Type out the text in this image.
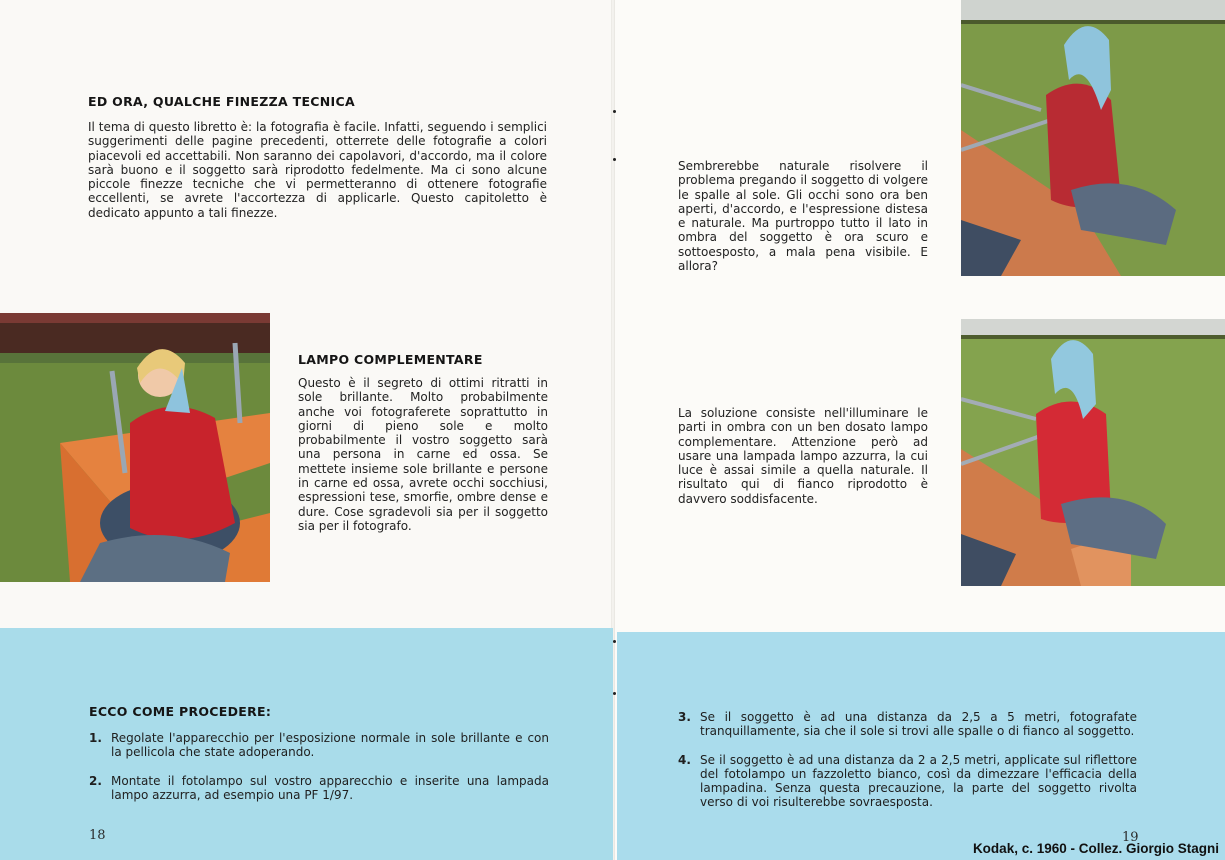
ED ORA, QUALCHE FINEZZA TECNICA
Il tema di questo libretto è: la fotografia è facile. Infatti, seguendo i semplici suggerimenti delle pagine precedenti, otterrete delle fotografie a colori piacevoli ed accettabili. Non saranno dei capolavori, d'accordo, ma il colore sarà buono e il soggetto sarà riprodotto fedelmente. Ma ci sono alcune piccole finezze tecniche che vi permetteranno di ottenere fotografie eccellenti, se avrete l'accortezza di applicarle. Questo capitoletto è dedicato appunto a tali finezze.
LAMPO COMPLEMENTARE
Questo è il segreto di ottimi ritratti in sole brillante. Molto probabilmente anche voi fotograferete soprattutto in giorni di pieno sole e molto probabilmente il vostro soggetto sarà una persona in carne ed ossa. Se mettete insieme sole brillante e persone in carne ed ossa, avrete occhi socchiusi, espressioni tese, smorfie, ombre dense e dure. Cose sgradevoli sia per il soggetto sia per il fotografo.
ECCO COME PROCEDERE:
1. Regolate l'apparecchio per l'esposizione normale in sole brillante e con la pellicola che state adoperando.
2. Montate il fotolampo sul vostro apparecchio e inserite una lampada lampo azzurra, ad esempio una PF 1/97.
18
Sembrerebbe naturale risolvere il problema pregando il soggetto di volgere le spalle al sole. Gli occhi sono ora ben aperti, d'accordo, e l'espressione distesa e naturale. Ma purtroppo tutto il lato in ombra del soggetto è ora scuro e sottoesposto, a mala pena visibile. E allora?
La soluzione consiste nell'illuminare le parti in ombra con un ben dosato lampo complementare. Attenzione però ad usare una lampada lampo azzurra, la cui luce è assai simile a quella naturale. Il risultato qui di fianco riprodotto è davvero soddisfacente.
3. Se il soggetto è ad una distanza da 2,5 a 5 metri, fotografate tranquillamente, sia che il sole si trovi alle spalle o di fianco al soggetto.
4. Se il soggetto è ad una distanza da 2 a 2,5 metri, applicate sul riflettore del fotolampo un fazzoletto bianco, così da dimezzare l'efficacia della lampadina. Senza questa precauzione, la parte del soggetto rivolta verso di voi risulterebbe sovraesposta.
19
Kodak, c. 1960 - Collez. Giorgio Stagni
